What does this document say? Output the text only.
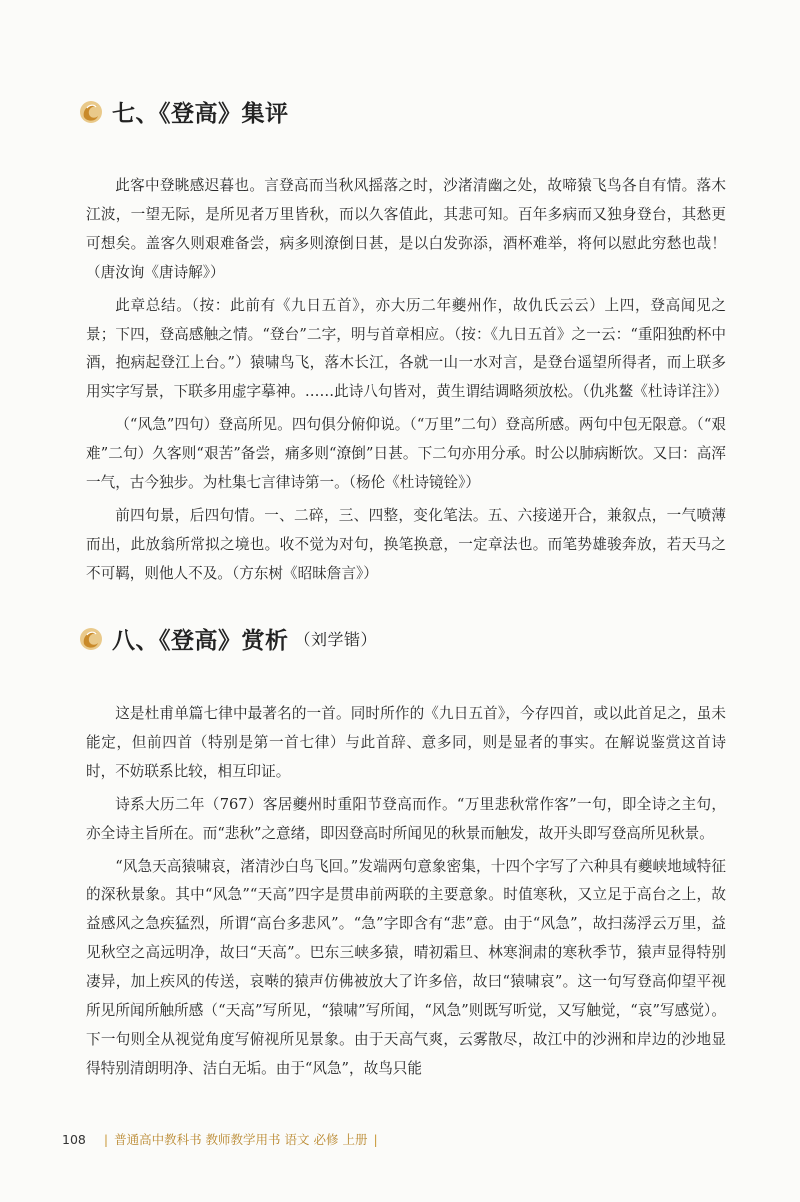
七、《登高》集评

此客中登眺感迟暮也。言登高而当秋风摇落之时，沙渚清幽之处，故啼猿飞鸟各自有情。落木江波，一望无际，是所见者万里皆秋，而以久客值此，其悲可知。百年多病而又独身登台，其愁更可想矣。盖客久则艰难备尝，病多则潦倒日甚，是以白发弥添，酒杯难举，将何以慰此穷愁也哉！（唐汝询《唐诗解》）

此章总结。（按：此前有《九日五首》，亦大历二年夔州作，故仇氏云云）上四，登高闻见之景；下四，登高感触之情。“登台”二字，明与首章相应。（按：《九日五首》之一云：“重阳独酌杯中酒，抱病起登江上台。”）猿啸鸟飞，落木长江，各就一山一水对言，是登台遥望所得者，而上联多用实字写景，下联多用虚字摹神。……此诗八句皆对，黄生谓结调略须放松。（仇兆鳌《杜诗详注》）

（“风急”四句）登高所见。四句俱分俯仰说。（“万里”二句）登高所感。两句中包无限意。（“艰难”二句）久客则“艰苦”备尝，痛多则“潦倒”日甚。下二句亦用分承。时公以肺病断饮。又曰：高浑一气，古今独步。为杜集七言律诗第一。（杨伦《杜诗镜铨》）

前四句景，后四句情。一、二碎，三、四整，变化笔法。五、六接递开合，兼叙点，一气喷薄而出，此放翁所常拟之境也。收不觉为对句，换笔换意，一定章法也。而笔势雄骏奔放，若天马之不可羁，则他人不及。（方东树《昭昧詹言》）

八、《登高》赏析 （刘学锴）

这是杜甫单篇七律中最著名的一首。同时所作的《九日五首》，今存四首，或以此首足之，虽未能定，但前四首（特别是第一首七律）与此首辞、意多同，则是显者的事实。在解说鉴赏这首诗时，不妨联系比较，相互印证。

诗系大历二年（767）客居夔州时重阳节登高而作。“万里悲秋常作客”一句，即全诗之主句，亦全诗主旨所在。而“悲秋”之意绪，即因登高时所闻见的秋景而触发，故开头即写登高所见秋景。

“风急天高猿啸哀，渚清沙白鸟飞回。”发端两句意象密集，十四个字写了六种具有夔峡地域特征的深秋景象。其中“风急”“天高”四字是贯串前两联的主要意象。时值寒秋，又立足于高台之上，故益感风之急疾猛烈，所谓“高台多悲风”。“急”字即含有“悲”意。由于“风急”，故扫荡浮云万里，益见秋空之高远明净，故曰“天高”。巴东三峡多猿，晴初霜旦、林寒涧肃的寒秋季节，猿声显得特别凄异，加上疾风的传送，哀啭的猿声仿佛被放大了许多倍，故曰“猿啸哀”。这一句写登高仰望平视所见所闻所触所感（“天高”写所见，“猿啸”写所闻，“风急”则既写听觉，又写触觉，“哀”写感觉）。下一句则全从视觉角度写俯视所见景象。由于天高气爽，云雾散尽，故江中的沙洲和岸边的沙地显得特别清朗明净、洁白无垢。由于“风急”，故鸟只能

108 | 普通高中教科书 教师教学用书 语文 必修 上册 |
